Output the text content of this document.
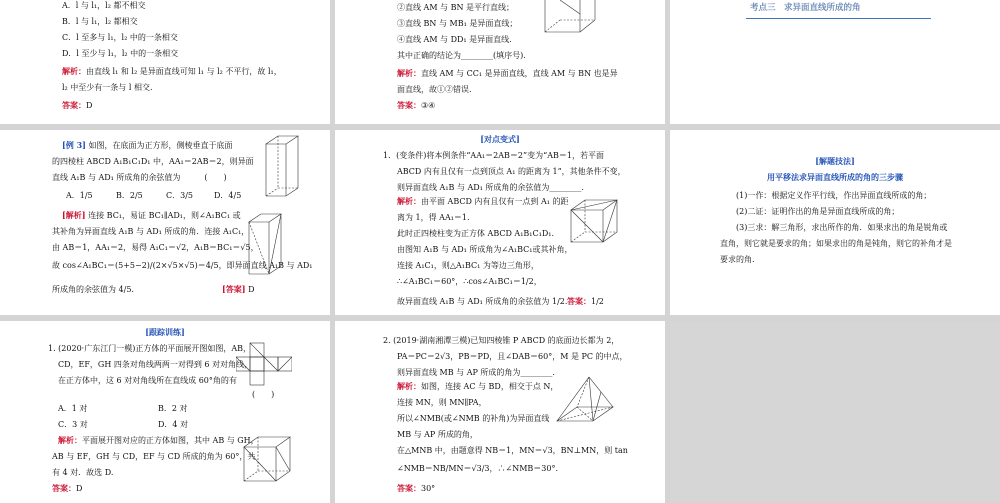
A．l 与 l₁，l₂ 都不相交
B．l 与 l₁，l₂ 都相交
C．l 至多与 l₁，l₂ 中的一条相交
D．l 至少与 l₁，l₂ 中的一条相交
解析：由直线 l₁ 和 l₂ 是异面直线可知 l₁ 与 l₂ 不平行，故 l₁，
l₂ 中至少有一条与 l 相交.
答案：D
②直线 AM 与 BN 是平行直线；
③直线 BN 与 MB₁ 是异面直线；
④直线 AM 与 DD₁ 是异面直线.
其中正确的结论为________(填序号).
解析：直线 AM 与 CC₁ 是异面直线，直线 AM 与 BN 也是异
面直线，故①②错误.
答案：③④
考点三　求异面直线所成的角
[例 3] 如图，在底面为正方形，侧棱垂直于底面
的四棱柱 ABCD A₁B₁C₁D₁ 中，AA₁＝2AB＝2，则异面
直线 A₁B 与 AD₁ 所成角的余弦值为　　　(　　)
A．1/5	B．2/5	C．3/5	D．4/5
[解析] 连接 BC₁，易证 BC₁∥AD₁，则∠A₁BC₁ 或
其补角为异面直线 A₁B 与 AD₁ 所成的角．连接 A₁C₁，
由 AB＝1，AA₁＝2，易得 A₁C₁＝√2，A₁B＝BC₁＝√5，
故 cos∠A₁BC₁＝(5+5−2)/(2×√5×√5)＝4/5，即异面直线 A₁B 与 AD₁
所成角的余弦值为 4/5.	[答案] D
[对点变式]
1．(变条件)将本例条件“AA₁＝2AB＝2”变为“AB＝1，若平面
ABCD 内有且仅有一点到顶点 A₁ 的距离为 1”，其他条件不变，
则异面直线 A₁B 与 AD₁ 所成角的余弦值为________.
解析：由平面 ABCD 内有且仅有一点到 A₁ 的距
离为 1，得 AA₁＝1.
此时正四棱柱变为正方体 ABCD A₁B₁C₁D₁.
由图知 A₁B 与 AD₁ 所成角为∠A₁BC₁或其补角，
连接 A₁C₁，则△A₁BC₁ 为等边三角形，
∴∠A₁BC₁＝60°，∴cos∠A₁BC₁＝1/2，
故异面直线 A₁B 与 AD₁ 所成角的余弦值为 1/2. 答案：1/2
[解题技法]
用平移法求异面直线所成的角的三步骤
(1)一作：根据定义作平行线，作出异面直线所成的角；
(2)二证：证明作出的角是异面直线所成的角；
(3)三求：解三角形，求出所作的角．如果求出的角是锐角或
直角，则它就是要求的角；如果求出的角是钝角，则它的补角才是
要求的角.
[跟踪训练]
1. (2020·广东江门一模)正方体的平面展开图如图，AB，
CD，EF，GH 四条对角线两两一对得到 6 对对角线，
在正方体中，这 6 对对角线所在直线成 60°角的有
(　　)
A．1 对	B．2 对
C．3 对	D．4 对
解析：平面展开图对应的正方体如图，其中 AB 与 GH，
AB 与 EF，GH 与 CD，EF 与 CD 所成的角为 60°，共
有 4 对．故选 D.
答案：D
2. (2019·湖南湘潭三模)已知四棱锥 P ABCD 的底面边长都为 2，
PA＝PC＝2√3，PB＝PD，且∠DAB＝60°，M 是 PC 的中点，
则异面直线 MB 与 AP 所成的角为________.
解析：如图，连接 AC 与 BD，相交于点 N，
连接 MN，则 MN∥PA，
所以∠NMB(或∠NMB 的补角)为异面直线
MB 与 AP 所成的角，
在△MNB 中，由题意得 NB＝1，MN＝√3，BN⊥MN，则 tan
∠NMB＝NB/MN＝√3/3，∴∠NMB＝30°.
答案：30°
